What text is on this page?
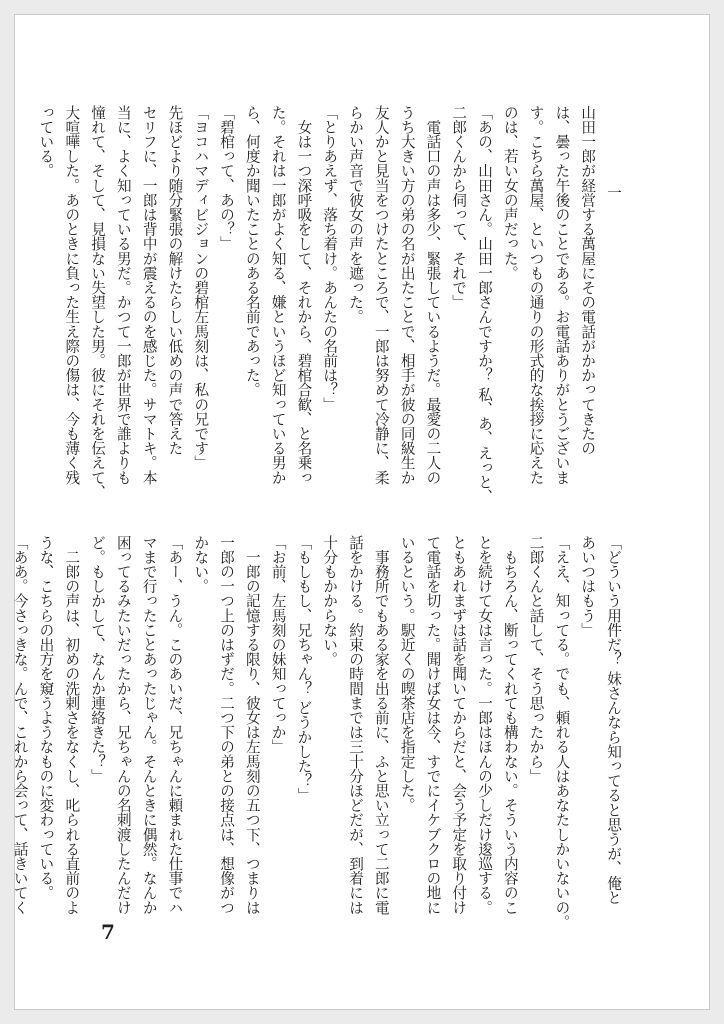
一

山田一郎が経営する萬屋にその電話がかかってきたの

は、曇った午後のことである。お電話ありがとうございま

す。こちら萬屋、といつもの通りの形式的な挨拶に応えた

のは、若い女の声だった。

「あの、山田さん。山田一郎さんですか？ 私、あ、えっと、

二郎くんから伺って、それで」

　電話口の声は多少、緊張しているようだ。最愛の二人の

うち大きい方の弟の名が出たことで、相手が彼の同級生か

友人かと見当をつけたところで、一郎は努めて冷静に、柔

らかい声音で彼女の声を遮った。

「とりあえず、落ち着け。あんたの名前は？」

　女は一つ深呼吸をして、それから、碧棺合歓、と名乗っ

た。それは一郎がよく知る、嫌というほど知っている男か

ら、何度か聞いたことのある名前であった。

「碧棺って、あの？」

「ヨコハマディビジョンの碧棺左馬刻は、私の兄です」

先ほどより随分緊張の解けたらしい低めの声で答えた

セリフに、一郎は背中が震えるのを感じた。サマトキ。本

当に、よく知っている男だ。かつて一郎が世界で誰よりも

憧れて、そして、見損ない失望した男。彼にそれを伝えて、

大喧嘩した。あのときに負った生え際の傷は、今も薄く残

っている。

「どういう用件だ？ 妹さんなら知ってると思うが、俺と

あいつはもう」

「ええ、知ってる。でも、頼れる人はあなたしかいないの。

二郎くんと話して、そう思ったから」

　もちろん、断ってくれても構わない。そういう内容のこ

とを続けて女は言った。一郎はほんの少しだけ逡巡する。

ともあれまずは話を聞いてからだと、会う予定を取り付け

て電話を切った。聞けば女は今、すでにイケブクロの地に

いるという。駅近くの喫茶店を指定した。

　事務所でもある家を出る前に、ふと思い立って二郎に電

話をかける。約束の時間までは三十分ほどだが、到着には

十分もかからない。

「もしもし、兄ちゃん？ どうかした？」

「お前、左馬刻の妹知ってっか」

　一郎の記憶する限り、彼女は左馬刻の五つ下、つまりは

一郎の一つ上のはずだ。二つ下の弟との接点は、想像がつ

かない。

「あー、うん。このあいだ、兄ちゃんに頼まれた仕事でハ

マまで行ったことあったじゃん。そんときに偶然。なんか

困ってるみたいだったから、兄ちゃんの名刺渡したんだけ

ど。もしかして、なんか連絡きた？」

　二郎の声は、初めの洗剌さをなくし、叱られる直前のよ

うな、こちらの出方を窺うようなものに変わっている。

「ああ。今さっきな。んで、これから会って、話きいてく

7
